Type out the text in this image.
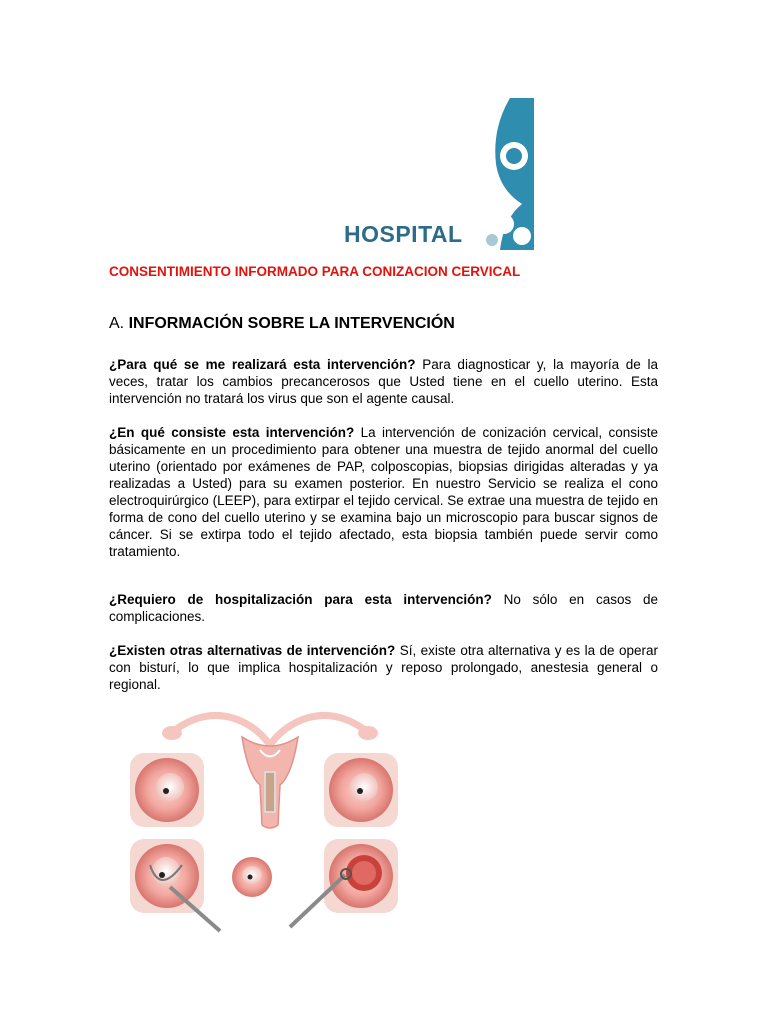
HOSPITAL
CONSENTIMIENTO INFORMADO PARA CONIZACION CERVICAL
A. INFORMACIÓN SOBRE LA INTERVENCIÓN
¿Para qué se me realizará esta intervención? Para diagnosticar y, la mayoría de la veces, tratar los cambios precancerosos que Usted tiene en el cuello uterino. Esta intervención no tratará los virus que son el agente causal.
¿En qué consiste esta intervención? La intervención de conización cervical, consiste básicamente en un procedimiento para obtener una muestra de tejido anormal del cuello uterino (orientado por exámenes de PAP, colposcopias, biopsias dirigidas alteradas y ya realizadas a Usted) para su examen posterior. En nuestro Servicio se realiza el cono electroquirúrgico (LEEP), para extirpar el tejido cervical. Se extrae una muestra de tejido en forma de cono del cuello uterino y se examina bajo un microscopio para buscar signos de cáncer. Si se extirpa todo el tejido afectado, esta biopsia también puede servir como tratamiento.
¿Requiero de hospitalización para esta intervención? No sólo en casos de complicaciones.
¿Existen otras alternativas de intervención? Sí, existe otra alternativa y es la de operar con bisturí, lo que implica hospitalización y reposo prolongado, anestesia general o regional.
